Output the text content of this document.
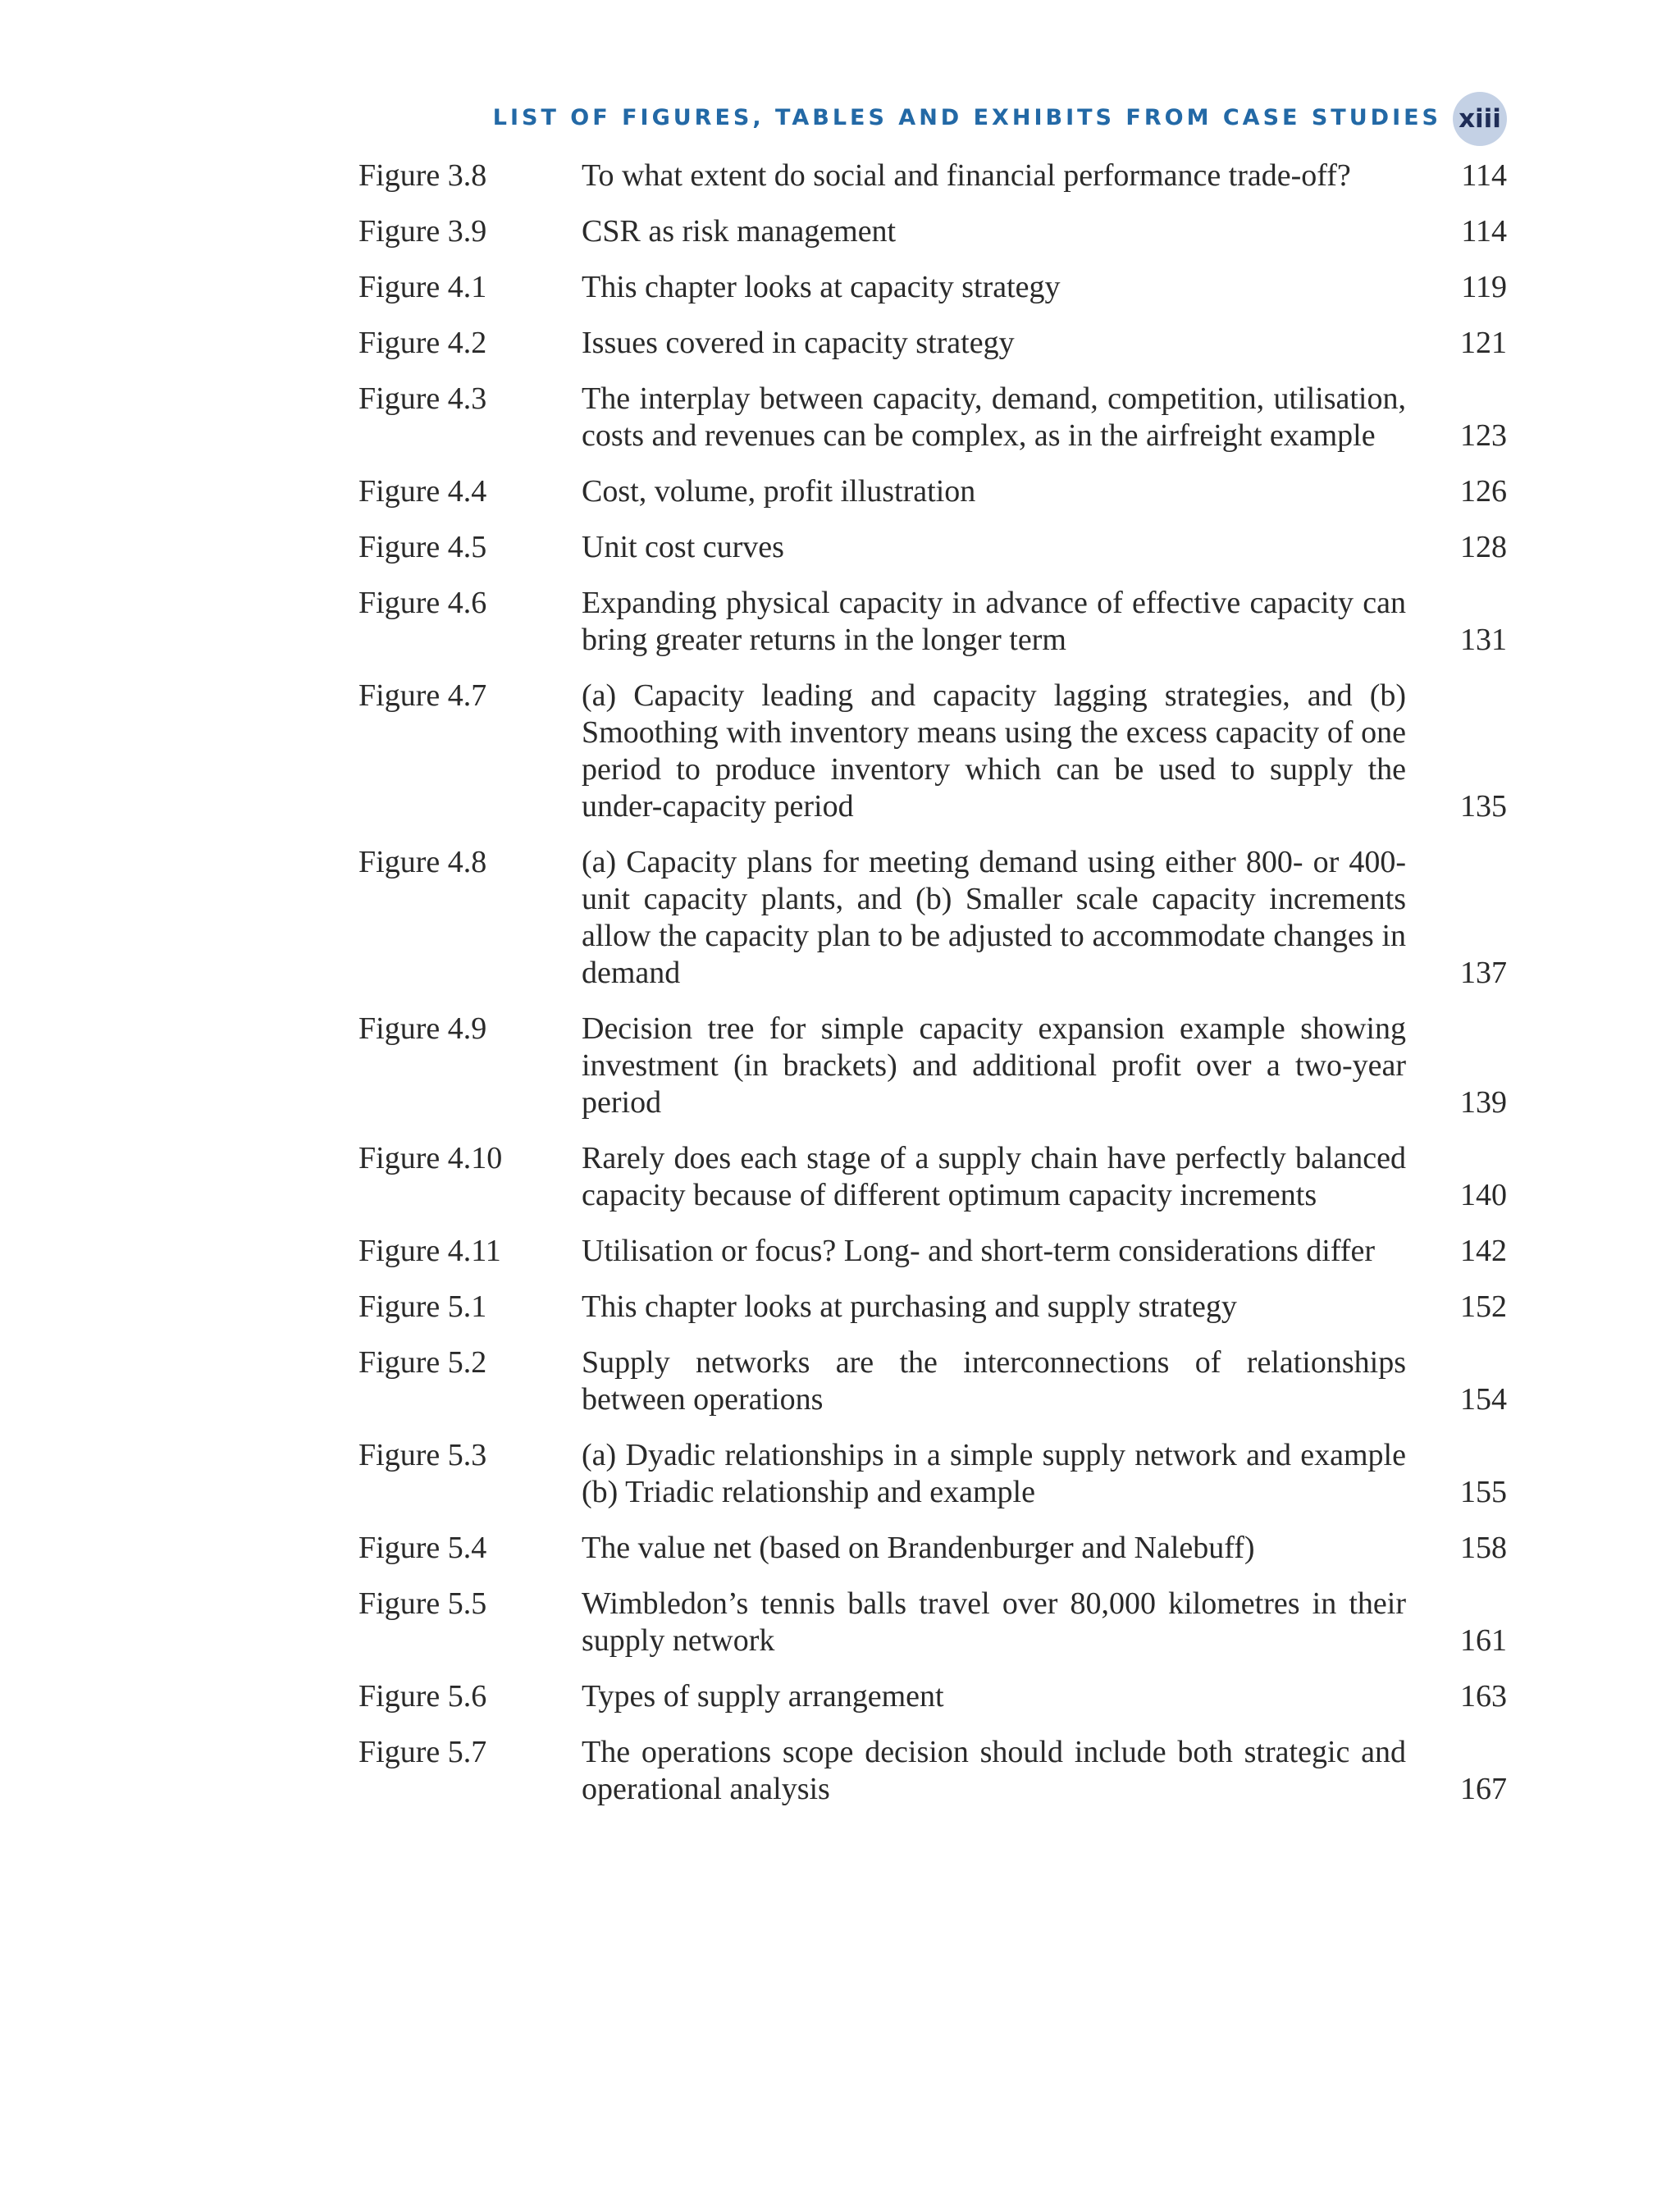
LIST OF FIGURES, TABLES AND EXHIBITS FROM CASE STUDIES xiii
Figure 3.8	To what extent do social and financial performance trade-off?	114
Figure 3.9	CSR as risk management	114
Figure 4.1	This chapter looks at capacity strategy	119
Figure 4.2	Issues covered in capacity strategy	121
Figure 4.3	The interplay between capacity, demand, competition, utilisation, costs and revenues can be complex, as in the airfreight example	123
Figure 4.4	Cost, volume, profit illustration	126
Figure 4.5	Unit cost curves	128
Figure 4.6	Expanding physical capacity in advance of effective capacity can bring greater returns in the longer term	131
Figure 4.7	(a) Capacity leading and capacity lagging strategies, and (b) Smoothing with inventory means using the excess capacity of one period to produce inventory which can be used to supply the under-capacity period	135
Figure 4.8	(a) Capacity plans for meeting demand using either 800- or 400-unit capacity plants, and (b) Smaller scale capacity increments allow the capacity plan to be adjusted to accommodate changes in demand	137
Figure 4.9	Decision tree for simple capacity expansion example showing investment (in brackets) and additional profit over a two-year period	139
Figure 4.10	Rarely does each stage of a supply chain have perfectly balanced capacity because of different optimum capacity increments	140
Figure 4.11	Utilisation or focus? Long- and short-term considerations differ	142
Figure 5.1	This chapter looks at purchasing and supply strategy	152
Figure 5.2	Supply networks are the interconnections of relationships between operations	154
Figure 5.3	(a) Dyadic relationships in a simple supply network and example (b) Triadic relationship and example	155
Figure 5.4	The value net (based on Brandenburger and Nalebuff)	158
Figure 5.5	Wimbledon’s tennis balls travel over 80,000 kilometres in their supply network	161
Figure 5.6	Types of supply arrangement	163
Figure 5.7	The operations scope decision should include both strategic and operational analysis	167
